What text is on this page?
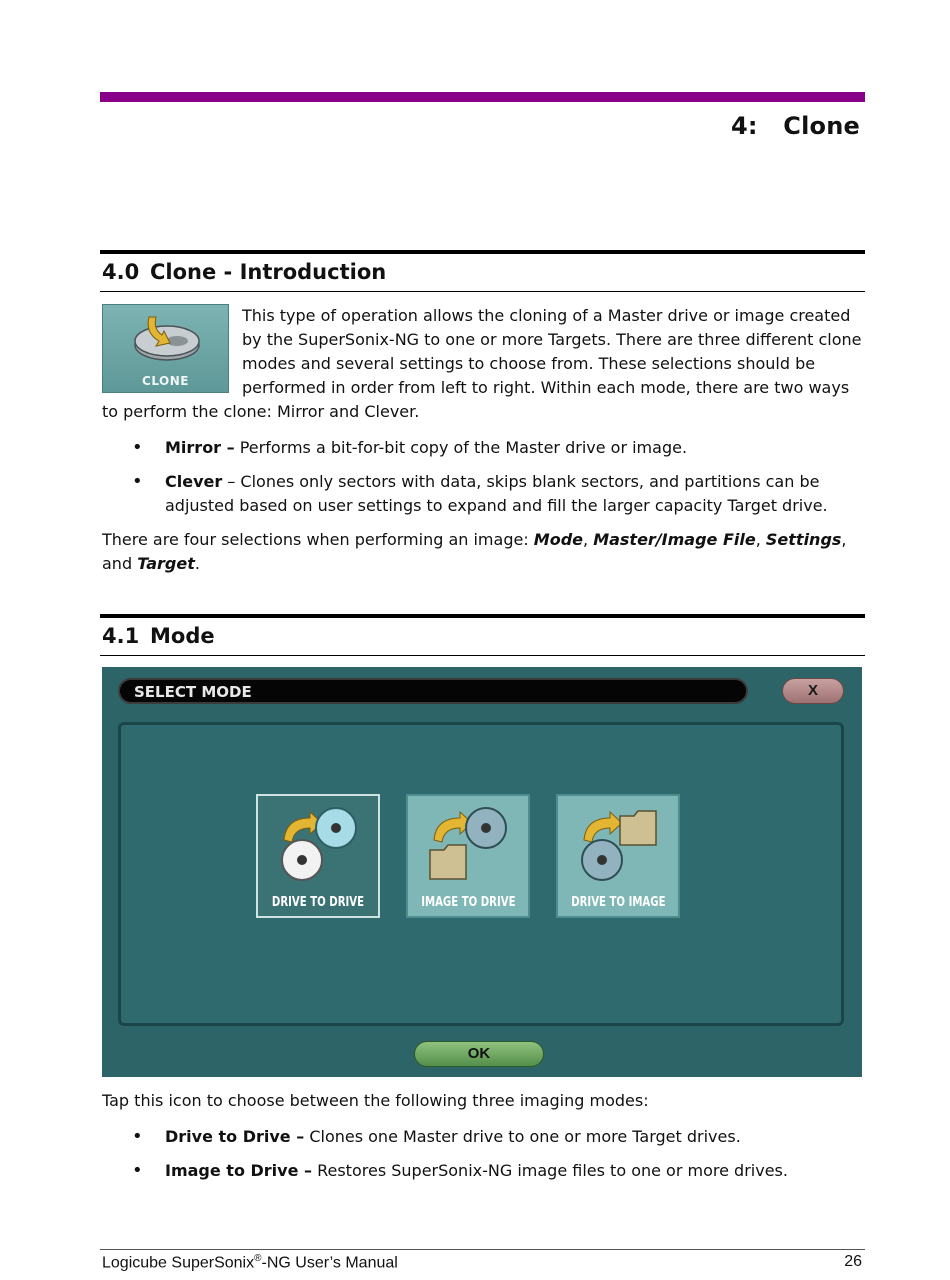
4:   Clone
4.0 Clone - Introduction
This type of operation allows the cloning of a Master drive or image created by the SuperSonix-NG to one or more Targets. There are three different clone modes and several settings to choose from. These selections should be performed in order from left to right. Within each mode, there are two ways to perform the clone: Mirror and Clever.
• Mirror – Performs a bit-for-bit copy of the Master drive or image.
• Clever – Clones only sectors with data, skips blank sectors, and partitions can be adjusted based on user settings to expand and fill the larger capacity Target drive.
There are four selections when performing an image: Mode, Master/Image File, Settings, and Target.
CLONE
4.1 Mode
SELECT MODE	X
DRIVE TO DRIVE	IMAGE TO DRIVE	DRIVE TO IMAGE
OK
Tap this icon to choose between the following three imaging modes:
• Drive to Drive – Clones one Master drive to one or more Target drives.
• Image to Drive – Restores SuperSonix-NG image files to one or more drives.
Logicube SuperSonix®-NG User’s Manual	26
